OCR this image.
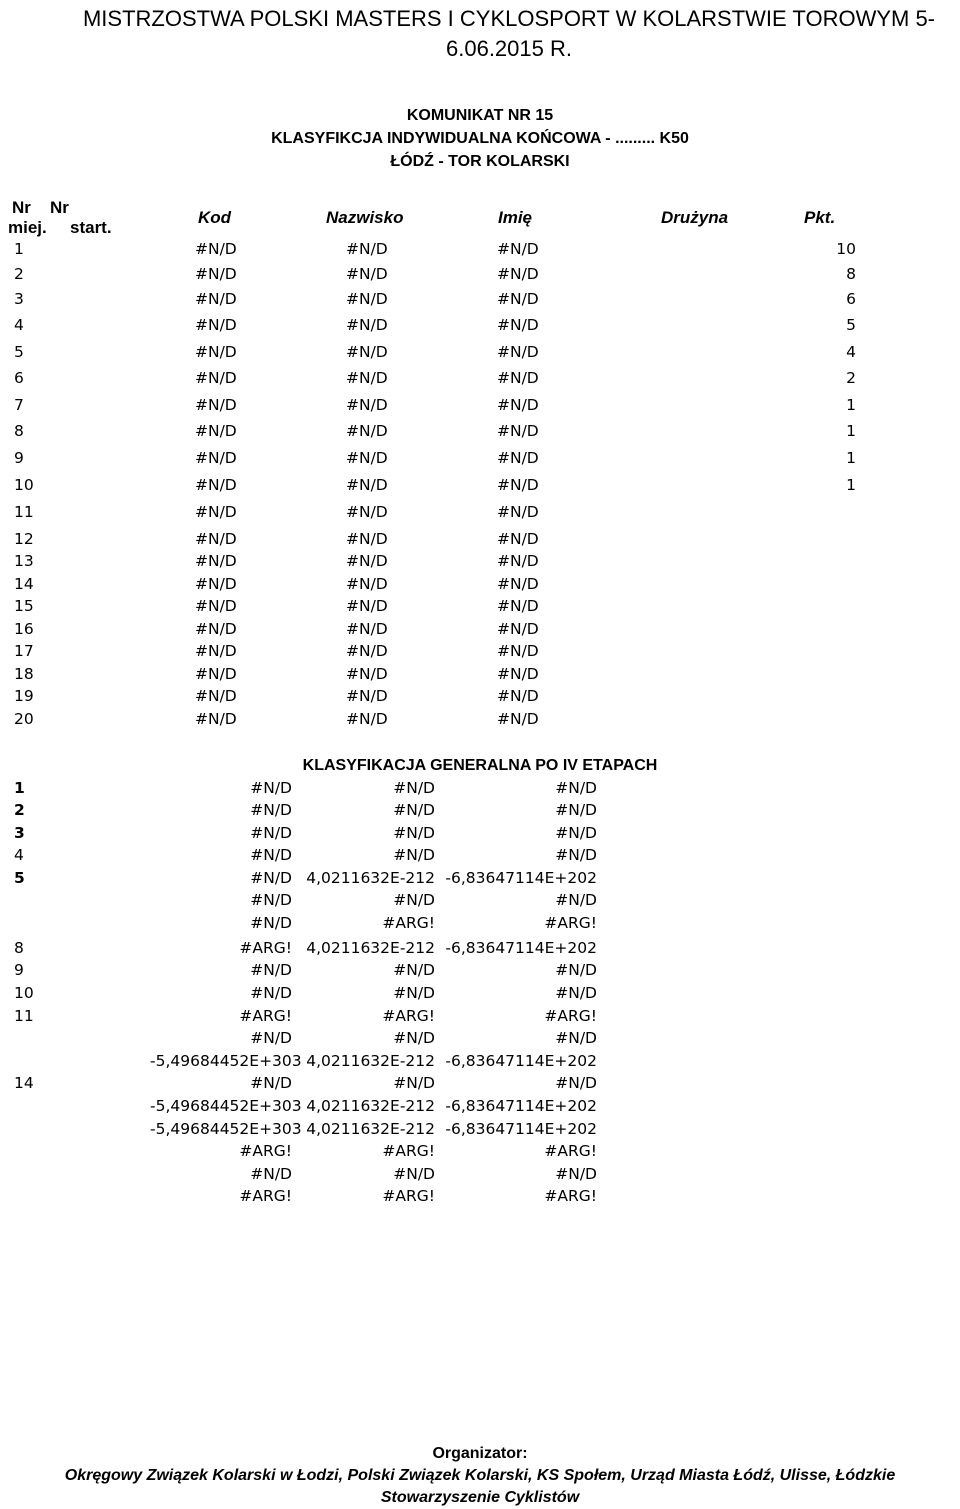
MISTRZOSTWA POLSKI MASTERS I CYKLOSPORT W KOLARSTWIE TOROWYM 5-
6.06.2015 R.
KOMUNIKAT NR 15
KLASYFIKCJA INDYWIDUALNA KOŃCOWA - ......... K50
ŁÓDŹ - TOR KOLARSKI
Nr
miej.
Nr
start.
Kod	Nazwisko	Imię	Drużyna	Pkt.
1	#N/D	#N/D	#N/D	10
2	#N/D	#N/D	#N/D	8
3	#N/D	#N/D	#N/D	6
4	#N/D	#N/D	#N/D	5
5	#N/D	#N/D	#N/D	4
6	#N/D	#N/D	#N/D	2
7	#N/D	#N/D	#N/D	1
8	#N/D	#N/D	#N/D	1
9	#N/D	#N/D	#N/D	1
10	#N/D	#N/D	#N/D	1
11	#N/D	#N/D	#N/D
12	#N/D	#N/D	#N/D
13	#N/D	#N/D	#N/D
14	#N/D	#N/D	#N/D
15	#N/D	#N/D	#N/D
16	#N/D	#N/D	#N/D
17	#N/D	#N/D	#N/D
18	#N/D	#N/D	#N/D
19	#N/D	#N/D	#N/D
20	#N/D	#N/D	#N/D
KLASYFIKACJA GENERALNA PO IV ETAPACH
1	#N/D	#N/D	#N/D
2	#N/D	#N/D	#N/D
3	#N/D	#N/D	#N/D
4	#N/D	#N/D	#N/D
5	#N/D 4,0211632E-212 -6,83647114E+202
#N/D	#N/D	#N/D
#N/D	#ARG!	#ARG!
8	#ARG! 4,0211632E-212 -6,83647114E+202
9	#N/D	#N/D	#N/D
10	#N/D	#N/D	#N/D
11	#ARG!	#ARG!	#ARG!
#N/D	#N/D	#N/D
-5,49684452E+303 4,0211632E-212 -6,83647114E+202
14	#N/D	#N/D	#N/D
-5,49684452E+303 4,0211632E-212 -6,83647114E+202
-5,49684452E+303 4,0211632E-212 -6,83647114E+202
#ARG!	#ARG!	#ARG!
#N/D	#N/D	#N/D
#ARG!	#ARG!	#ARG!
Organizator:
Okręgowy Związek Kolarski w Łodzi, Polski Związek Kolarski, KS Społem, Urząd Miasta Łódź, Ulisse, Łódzkie
Stowarzyszenie Cyklistów
